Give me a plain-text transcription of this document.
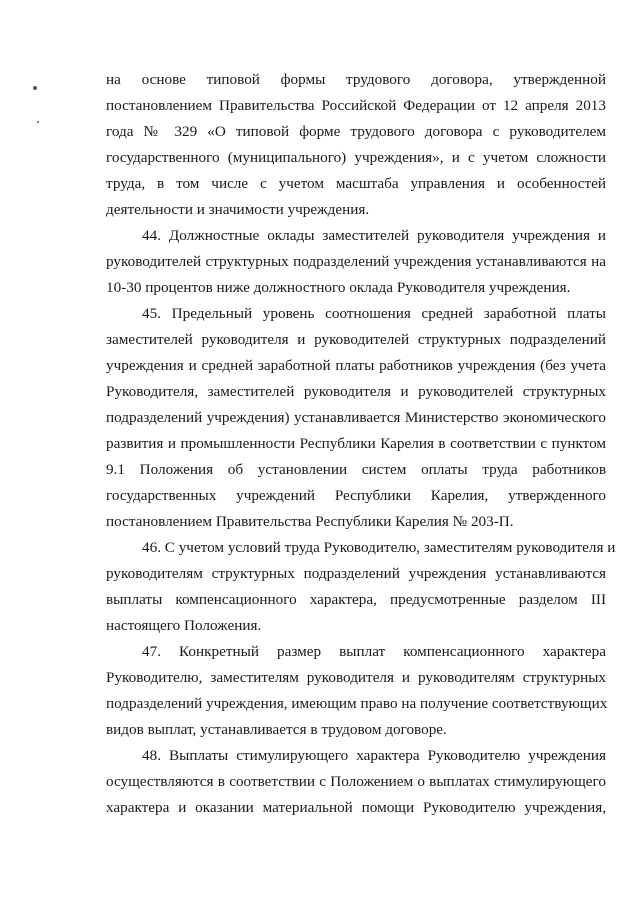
на основе типовой формы трудового договора, утвержденной
постановлением Правительства Российской Федерации от 12 апреля 2013
года № 329 «О типовой форме трудового договора с руководителем
государственного (муниципального) учреждения», и с учетом сложности
труда, в том числе с учетом масштаба управления и особенностей
деятельности и значимости учреждения.
44. Должностные оклады заместителей руководителя учреждения и
руководителей структурных подразделений учреждения устанавливаются на
10-30 процентов ниже должностного оклада Руководителя учреждения.
45. Предельный уровень соотношения средней заработной платы
заместителей руководителя и руководителей структурных подразделений
учреждения и средней заработной платы работников учреждения (без учета
Руководителя, заместителей руководителя и руководителей структурных
подразделений учреждения) устанавливается Министерство экономического
развития и промышленности Республики Карелия в соответствии с пунктом
9.1 Положения об установлении систем оплаты труда работников
государственных учреждений Республики Карелия, утвержденного
постановлением Правительства Республики Карелия № 203-П.
46. С учетом условий труда Руководителю, заместителям руководителя и
руководителям структурных подразделений учреждения устанавливаются
выплаты компенсационного характера, предусмотренные разделом III
настоящего Положения.
47. Конкретный размер выплат компенсационного характера
Руководителю, заместителям руководителя и руководителям структурных
подразделений учреждения, имеющим право на получение соответствующих
видов выплат, устанавливается в трудовом договоре.
48. Выплаты стимулирующего характера Руководителю учреждения
осуществляются в соответствии с Положением о выплатах стимулирующего
характера и оказании материальной помощи Руководителю учреждения,
